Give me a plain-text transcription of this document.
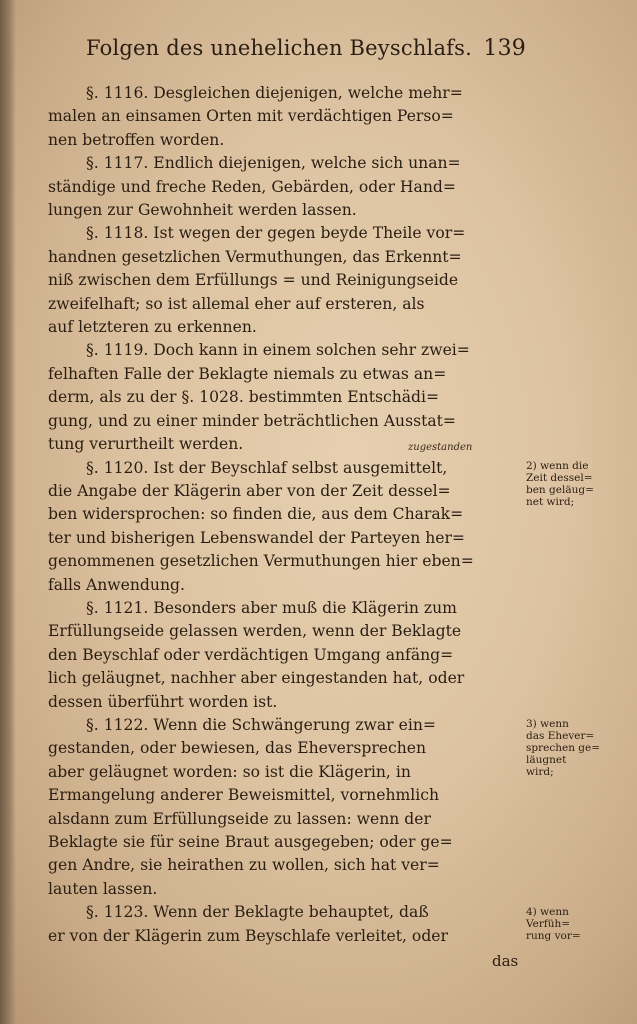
Folgen des unehelichen Beyschlafs. 139
zugestanden
§. 1116. Desgleichen diejenigen, welche mehr=
malen an einsamen Orten mit verdächtigen Perso=
nen betroffen worden.
§. 1117. Endlich diejenigen, welche sich unan=
ständige und freche Reden, Gebärden, oder Hand=
lungen zur Gewohnheit werden lassen.
§. 1118. Ist wegen der gegen beyde Theile vor=
handnen gesetzlichen Vermuthungen, das Erkennt=
niß zwischen dem Erfüllungs = und Reinigungseide
zweifelhaft; so ist allemal eher auf ersteren, als
auf letzteren zu erkennen.
§. 1119. Doch kann in einem solchen sehr zwei=
felhaften Falle der Beklagte niemals zu etwas an=
derm, als zu der §. 1028. bestimmten Entschädi=
gung, und zu einer minder beträchtlichen Ausstat=
tung verurtheilt werden.
§. 1120. Ist der Beyschlaf selbst ausgemittelt,
die Angabe der Klägerin aber von der Zeit dessel=
ben widersprochen: so finden die, aus dem Charak=
ter und bisherigen Lebenswandel der Parteyen her=
genommenen gesetzlichen Vermuthungen hier eben=
falls Anwendung.
§. 1121. Besonders aber muß die Klägerin zum
Erfüllungseide gelassen werden, wenn der Beklagte
den Beyschlaf oder verdächtigen Umgang anfäng=
lich geläugnet, nachher aber eingestanden hat, oder
dessen überführt worden ist.
§. 1122. Wenn die Schwängerung zwar ein=
gestanden, oder bewiesen, das Eheversprechen
aber geläugnet worden: so ist die Klägerin, in
Ermangelung anderer Beweismittel, vornehmlich
alsdann zum Erfüllungseide zu lassen: wenn der
Beklagte sie für seine Braut ausgegeben; oder ge=
gen Andre, sie heirathen zu wollen, sich hat ver=
lauten lassen.
§. 1123. Wenn der Beklagte behauptet, daß
er von der Klägerin zum Beyschlafe verleitet, oder
2) wenn die
Zeit dessel=
ben geläug=
net wird;
3) wenn
das Ehever=
sprechen ge=
läugnet
wird;
4) wenn
Verfüh=
rung vor=
das
